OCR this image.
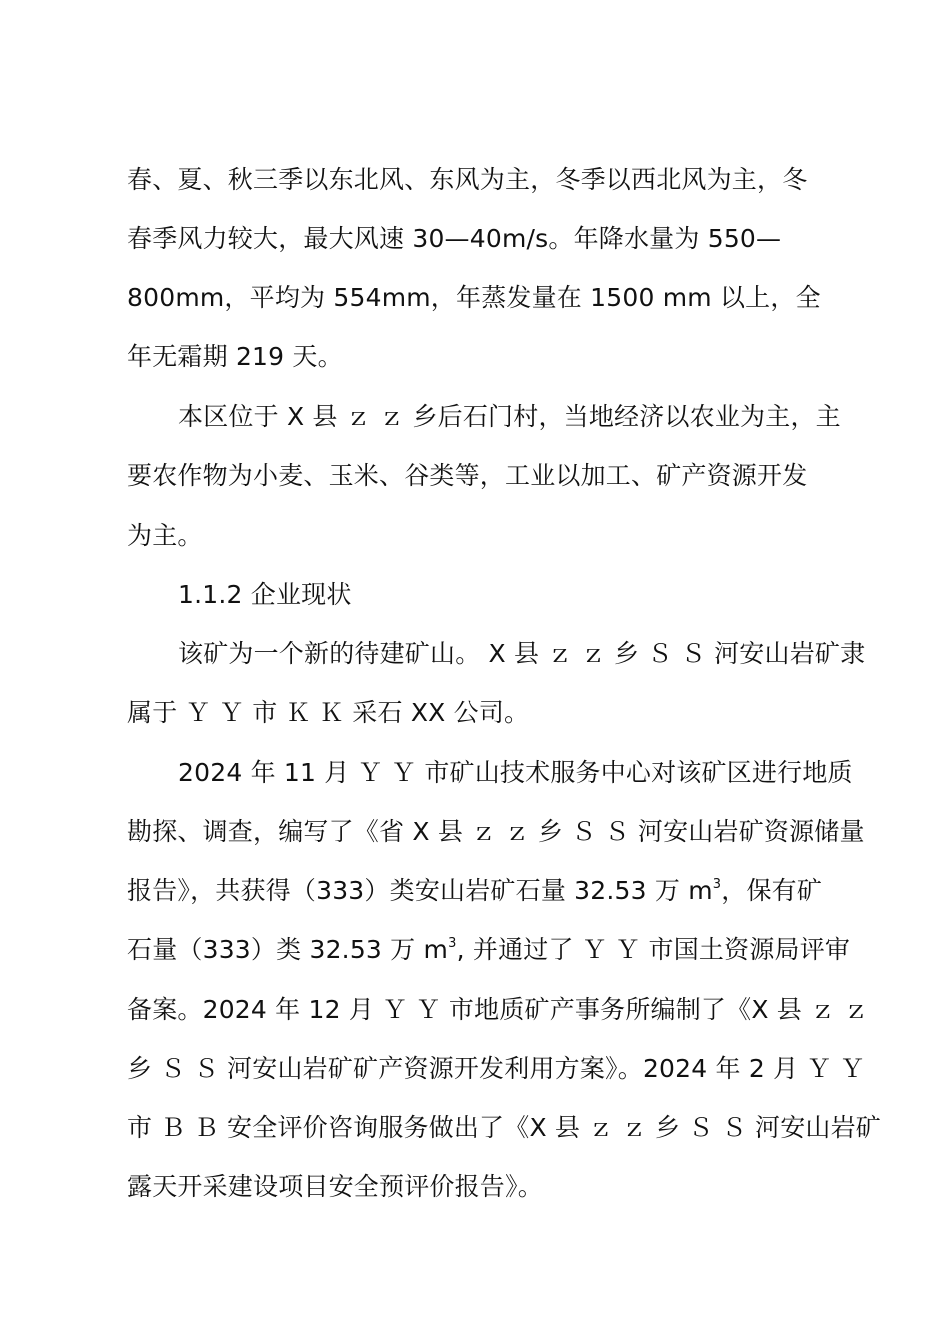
春、夏、秋三季以东北风、东风为主，冬季以西北风为主，冬
春季风力较大，最大风速 30—40m/s。年降水量为 550—
800mm，平均为 554mm，年蒸发量在 1500 mm 以上，全
年无霜期 219 天。
本区位于 X 县 ｚ ｚ 乡后石门村，当地经济以农业为主，主
要农作物为小麦、玉米、谷类等，工业以加工、矿产资源开发
为主。
1.1.2 企业现状
该矿为一个新的待建矿山。 X 县 ｚ ｚ 乡 Ｓ Ｓ 河安山岩矿隶
属于 Ｙ Ｙ 市 Ｋ Ｋ 采石 XX 公司。
2024 年 11 月 Ｙ Ｙ 市矿山技术服务中心对该矿区进行地质
勘探、调查，编写了《省 X 县 ｚ ｚ 乡 Ｓ Ｓ 河安山岩矿资源储量
报告》，共获得（333）类安山岩矿石量 32.53 万 $m^3$，保有矿
石量（333）类 32.53 万 $m^3$, 并通过了 Ｙ Ｙ 市国土资源局评审
备案。2024 年 12 月 Ｙ Ｙ 市地质矿产事务所编制了《X 县 ｚ ｚ
乡 Ｓ Ｓ 河安山岩矿矿产资源开发利用方案》。2024 年 2 月 Ｙ Ｙ
市 Ｂ Ｂ 安全评价咨询服务做出了《X 县 ｚ ｚ 乡 Ｓ Ｓ 河安山岩矿
露天开采建设项目安全预评价报告》。
